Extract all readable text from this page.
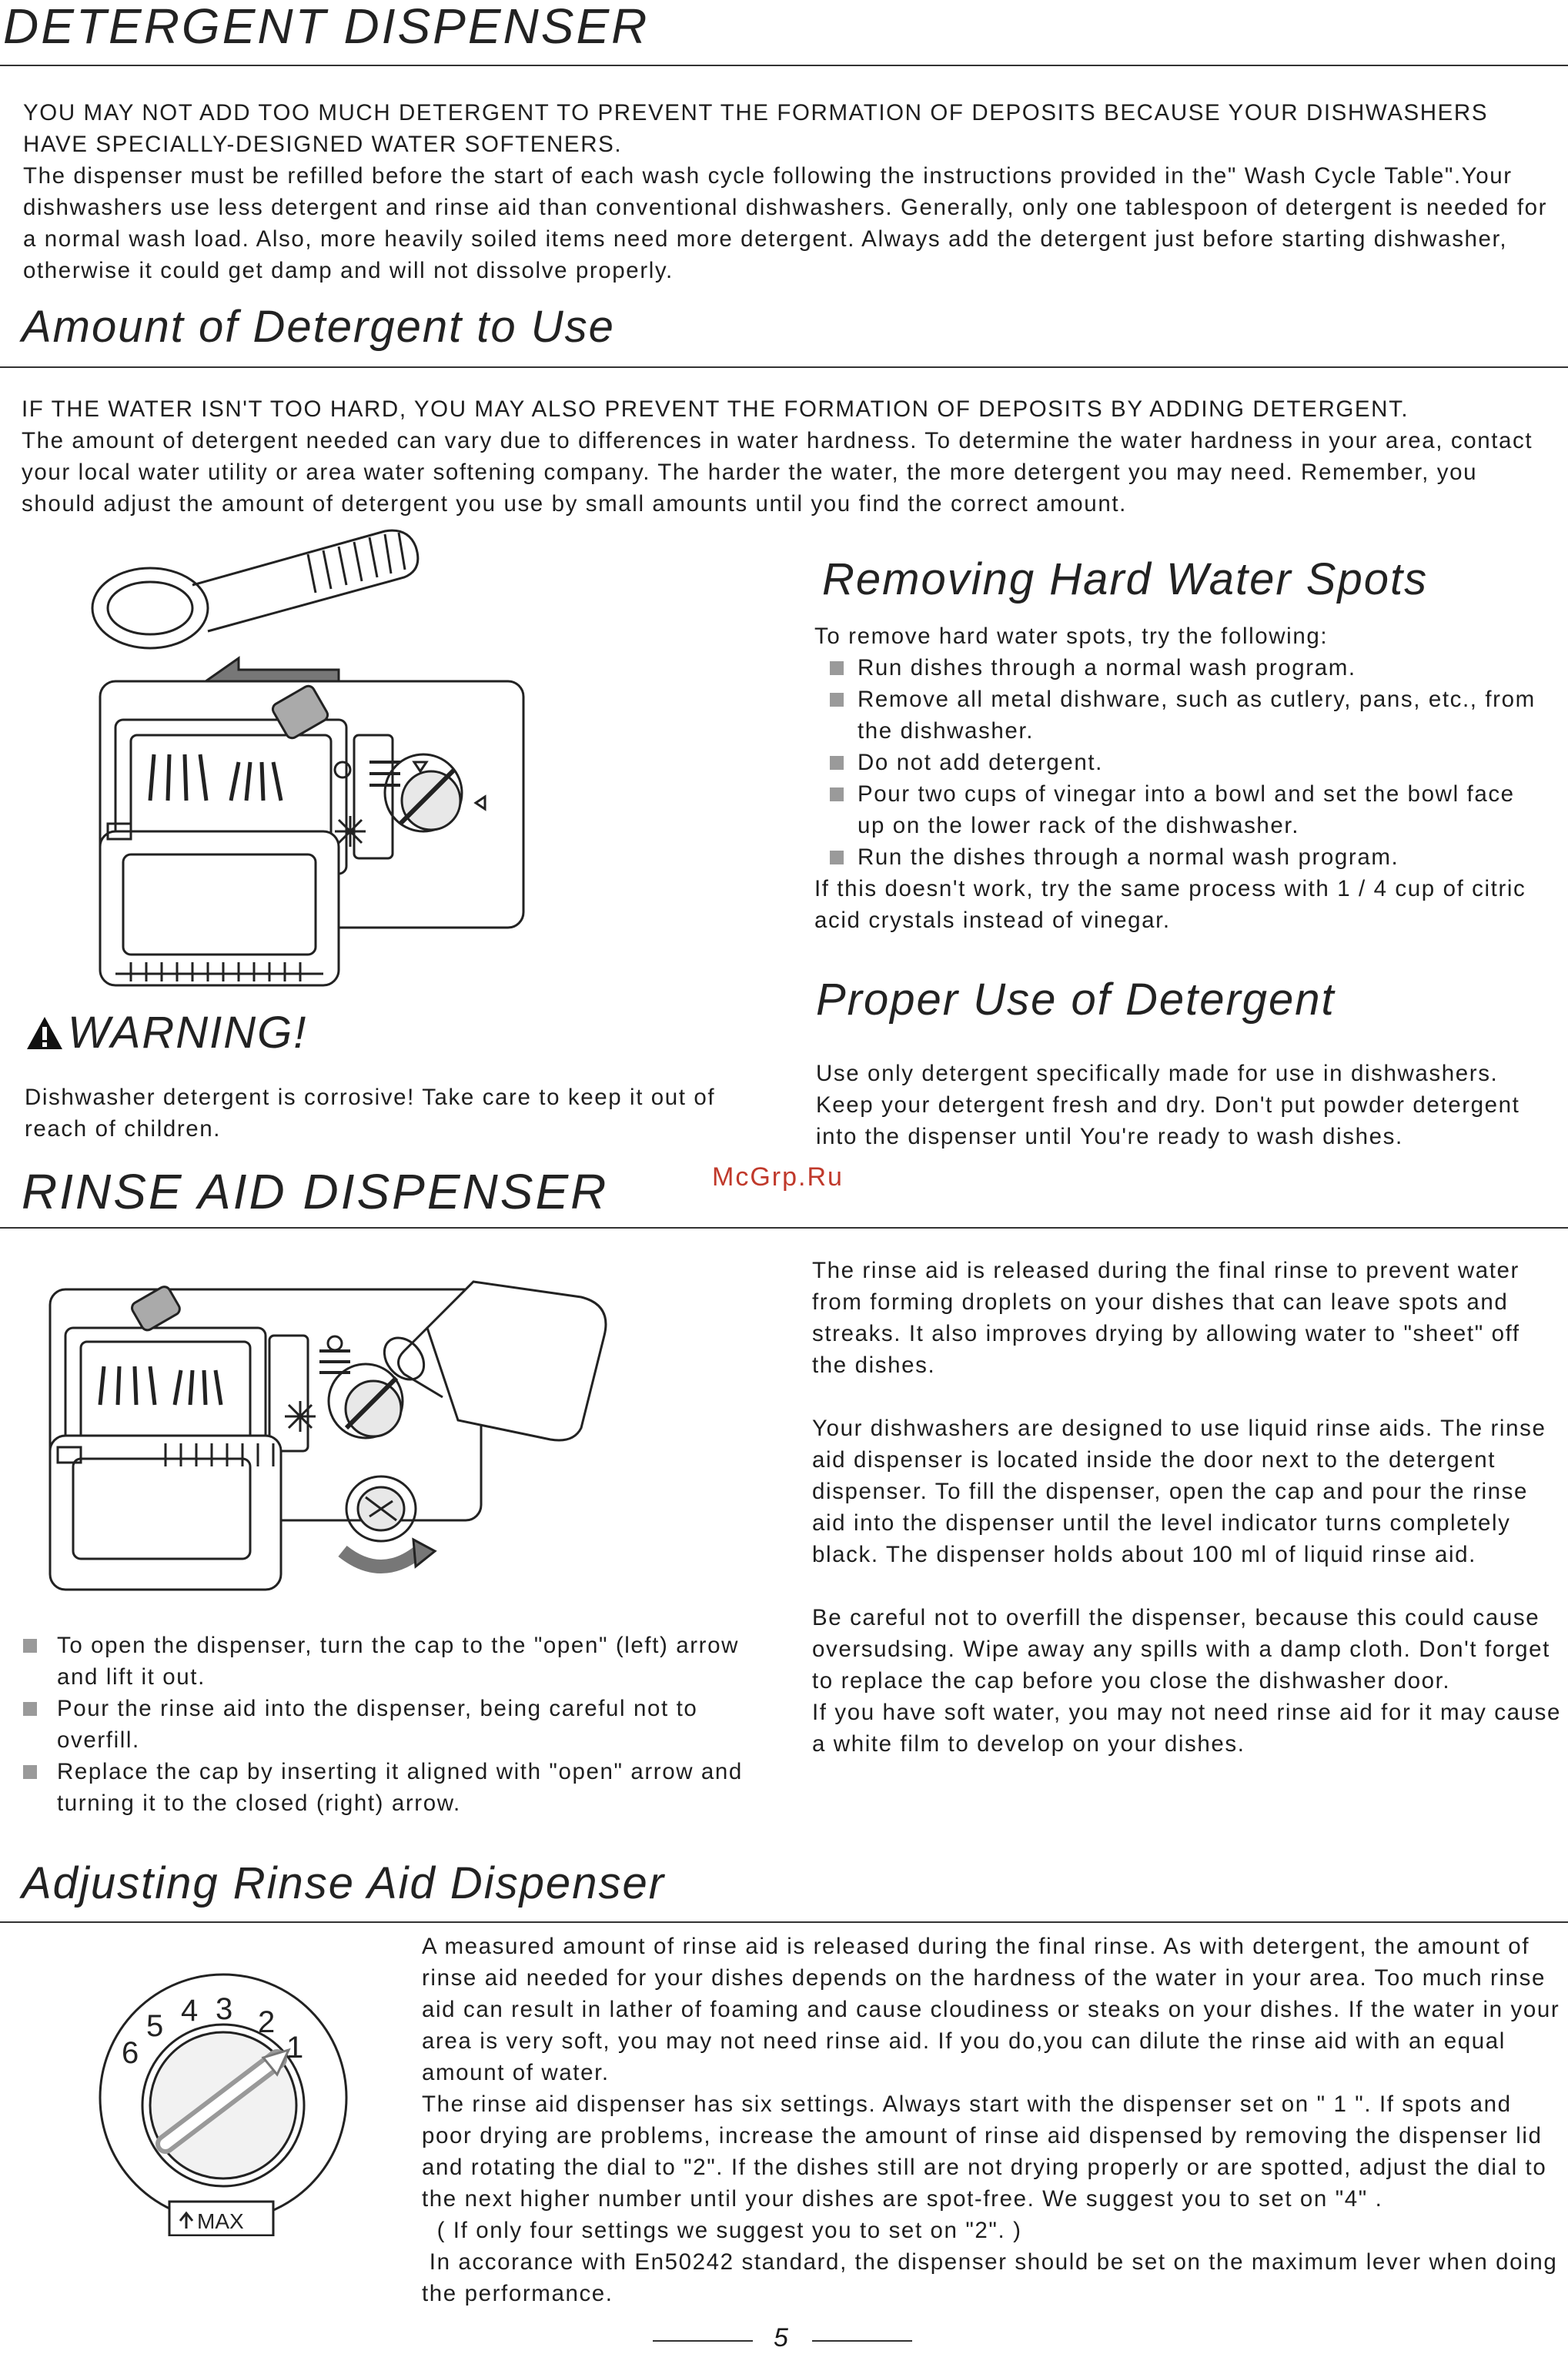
DETERGENT DISPENSER

YOU MAY NOT ADD TOO MUCH DETERGENT TO PREVENT THE FORMATION OF DEPOSITS BECAUSE YOUR DISHWASHERS HAVE SPECIALLY-DESIGNED WATER SOFTENERS.

The dispenser must be refilled before the start of each wash cycle following the instructions provided in the" Wash Cycle Table".Your dishwashers use less detergent and rinse aid than conventional dishwashers. Generally, only one tablespoon of detergent is needed for a normal wash load. Also, more heavily soiled items need more detergent. Always add the detergent just before starting dishwasher, otherwise it could get damp and will not dissolve properly.

Amount of Detergent to Use

IF THE WATER ISN'T TOO HARD, YOU MAY ALSO PREVENT THE FORMATION OF DEPOSITS BY ADDING DETERGENT.

The amount of detergent needed can vary due to differences in water hardness. To determine the water hardness in your area, contact your local water utility or area water softening company. The harder the water, the more detergent you may need. Remember, you should adjust the amount of detergent you use by small amounts until you find the correct amount.

Removing Hard Water Spots

To remove hard water spots, try the following:

Run dishes through a normal wash program.

Remove all metal dishware, such as cutlery, pans, etc., from the dishwasher.

Do not add detergent.

Pour two cups of vinegar into a bowl and set the bowl face up on the lower rack of the dishwasher.

Run the dishes through a normal wash program.

If this doesn't work, try the same process with 1 / 4 cup of citric acid crystals instead of vinegar.

WARNING!
Dishwasher detergent is corrosive! Take care to keep it out of reach of children.
Proper Use of Detergent
Use only detergent specifically made for use in dishwashers. Keep your detergent fresh and dry. Don't put powder detergent into the dispenser until You're ready to wash dishes.
RINSE AID DISPENSER	McGrp.Ru

The rinse aid is released during the final rinse to prevent water from forming droplets on your dishes that can leave spots and streaks. It also improves drying by allowing water to "sheet" off the dishes.

Your dishwashers are designed to use liquid rinse aids. The rinse aid dispenser is located inside the door next to the detergent dispenser. To fill the dispenser, open the cap and pour the rinse aid into the dispenser until the level indicator turns completely black. The dispenser holds about 100 ml of liquid rinse aid.

Be careful not to overfill the dispenser, because this could cause oversudsing. Wipe away any spills with a damp cloth. Don't forget to replace the cap before you close the dishwasher door.

If you have soft water, you may not need rinse aid for it may cause a white film to develop on your dishes.

To open the dispenser, turn the cap to the "open" (left) arrow and lift it out.

Pour the rinse aid into the dispenser, being careful not to overfill.

Replace the cap by inserting it aligned with "open" arrow and turning it to the closed (right) arrow.

Adjusting Rinse Aid Dispenser
6
5 4 3 2
1
MAX

A measured amount of rinse aid is released during the final rinse. As with detergent, the amount of rinse aid needed for your dishes depends on the hardness of the water in your area. Too much rinse aid can result in lather of foaming and cause cloudiness or steaks on your dishes. If the water in your area is very soft, you may not need rinse aid. If you do,you can dilute the rinse aid with an equal amount of water.

The rinse aid dispenser has six settings. Always start with the dispenser set on " 1 ". If spots and poor drying are problems, increase the amount of rinse aid dispensed by removing the dispenser lid and rotating the dial to "2". If the dishes still are not drying properly or are spotted, adjust the dial to the next higher number until your dishes are spot-free. We suggest you to set on "4" .

( If only four settings we suggest you to set on "2". )

In accorance with En50242 standard, the dispenser should be set on the maximum lever when doing the performance.

5
